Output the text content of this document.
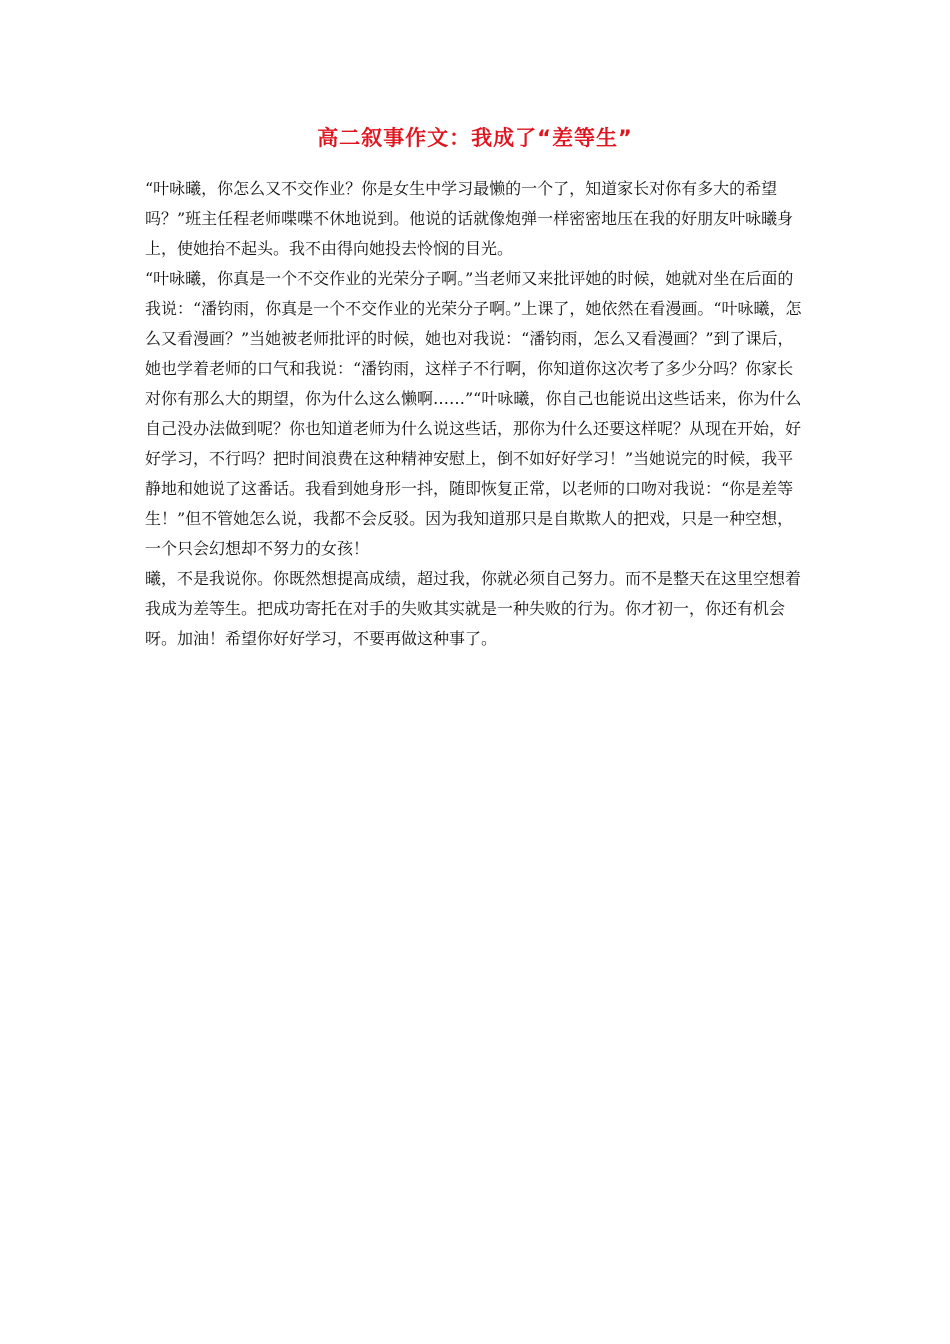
高二叙事作文：我成了“差等生”

“叶咏曦，你怎么又不交作业？你是女生中学习最懒的一个了，知道家长对你有多大的希望吗？”班主任程老师喋喋不休地说到。他说的话就像炮弹一样密密地压在我的好朋友叶咏曦身上，使她抬不起头。我不由得向她投去怜悯的目光。

“叶咏曦，你真是一个不交作业的光荣分子啊。”当老师又来批评她的时候，她就对坐在后面的我说：“潘钧雨，你真是一个不交作业的光荣分子啊。”上课了，她依然在看漫画。“叶咏曦，怎么又看漫画？”当她被老师批评的时候，她也对我说：“潘钧雨，怎么又看漫画？”到了课后，她也学着老师的口气和我说：“潘钧雨，这样子不行啊，你知道你这次考了多少分吗？你家长对你有那么大的期望，你为什么这么懒啊……”“叶咏曦，你自己也能说出这些话来，你为什么自己没办法做到呢？你也知道老师为什么说这些话，那你为什么还要这样呢？从现在开始，好好学习，不行吗？把时间浪费在这种精神安慰上，倒不如好好学习！”当她说完的时候，我平静地和她说了这番话。我看到她身形一抖，随即恢复正常，以老师的口吻对我说：“你是差等生！”但不管她怎么说，我都不会反驳。因为我知道那只是自欺欺人的把戏，只是一种空想，一个只会幻想却不努力的女孩！

曦，不是我说你。你既然想提高成绩，超过我，你就必须自己努力。而不是整天在这里空想着我成为差等生。把成功寄托在对手的失败其实就是一种失败的行为。你才初一，你还有机会呀。加油！希望你好好学习，不要再做这种事了。
